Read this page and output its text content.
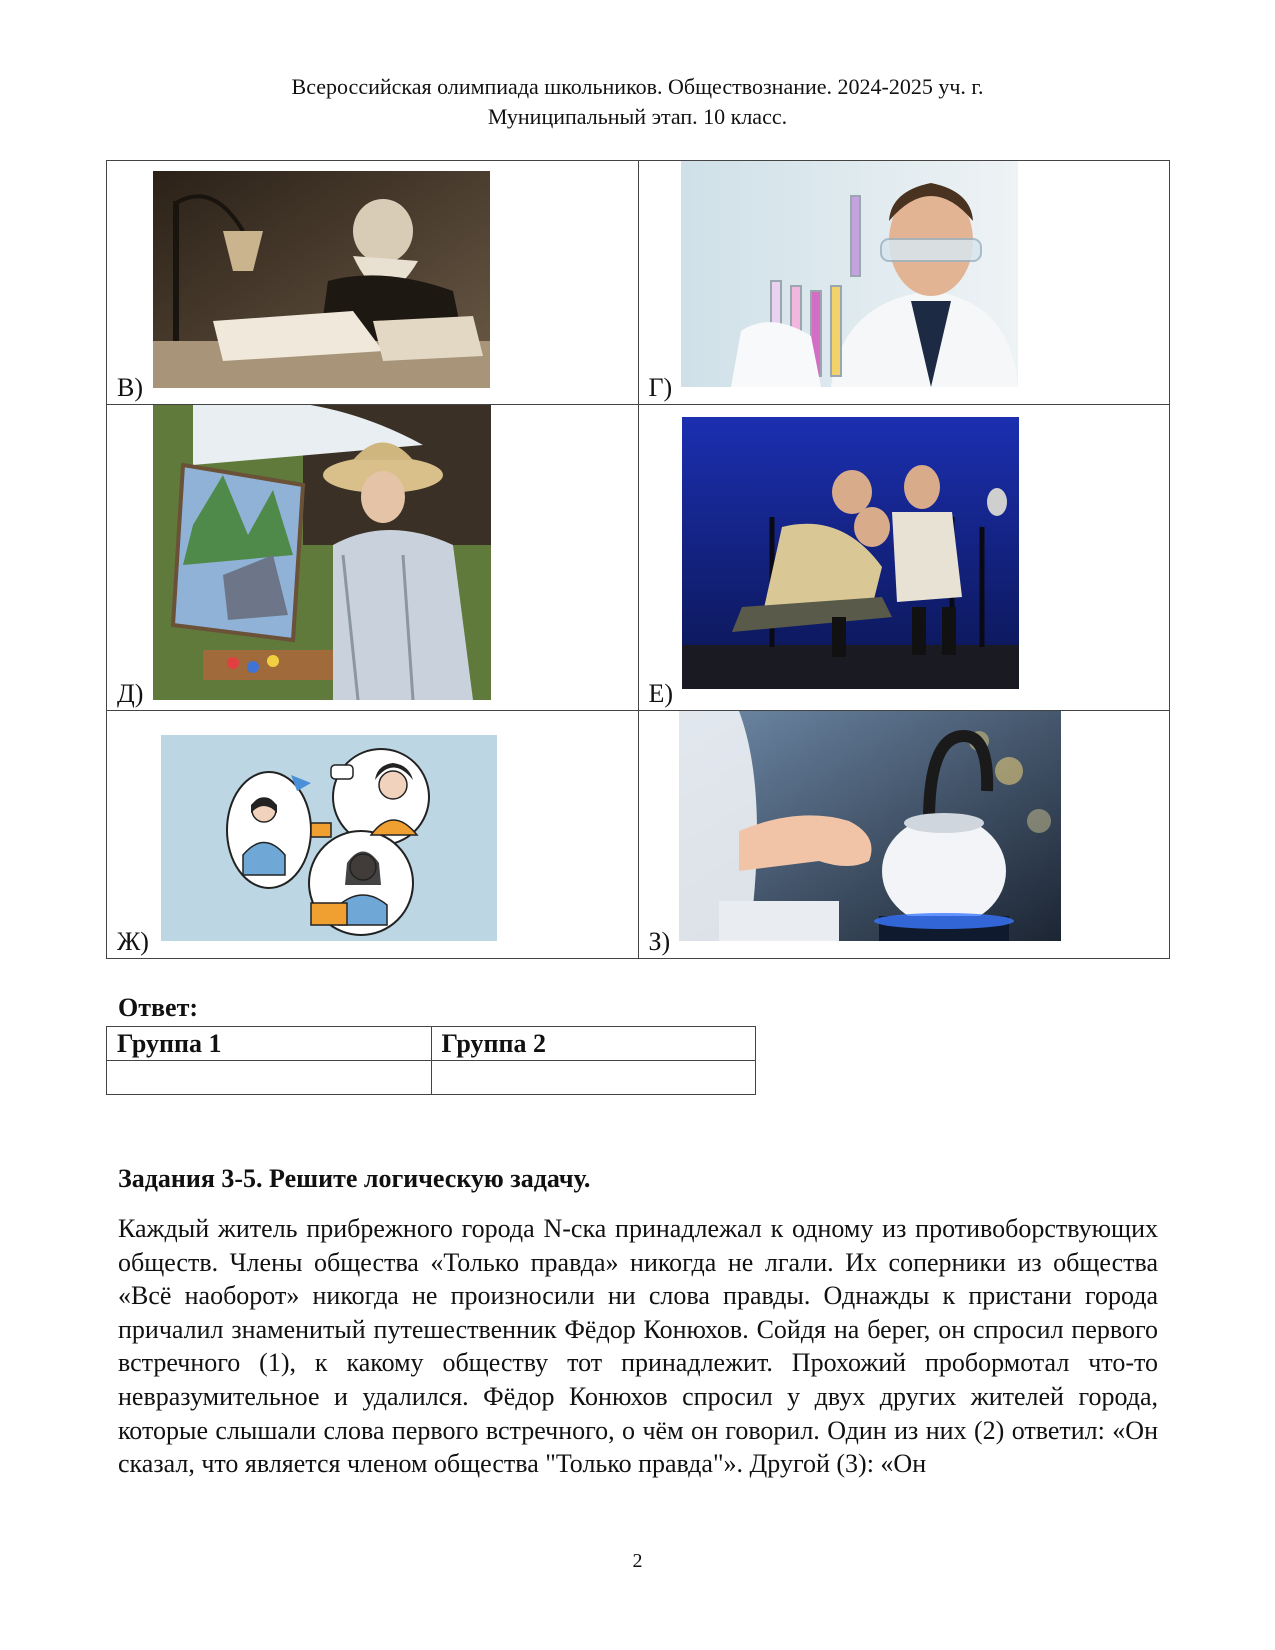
Всероссийская олимпиада школьников. Обществознание. 2024-2025 уч. г.
Муниципальный этап. 10 класс.
В)	Г)

Д)	Е)

Ж)	З)
Ответ:
Группа 1	Группа 2

Задания 3-5. Решите логическую задачу.
Каждый житель прибрежного города N-ска принадлежал к одному из противоборствующих обществ. Члены общества «Только правда» никогда не лгали. Их соперники из общества «Всё наоборот» никогда не произносили ни слова правды. Однажды к пристани города причалил знаменитый путешественник Фёдор Конюхов. Сойдя на берег, он спросил первого встречного (1), к какому обществу тот принадлежит. Прохожий пробормотал что-то невразумительное и удалился. Фёдор Конюхов спросил у двух других жителей города, которые слышали слова первого встречного, о чём он говорил. Один из них (2) ответил: «Он сказал, что является членом общества "Только правда"». Другой (3): «Он
2
